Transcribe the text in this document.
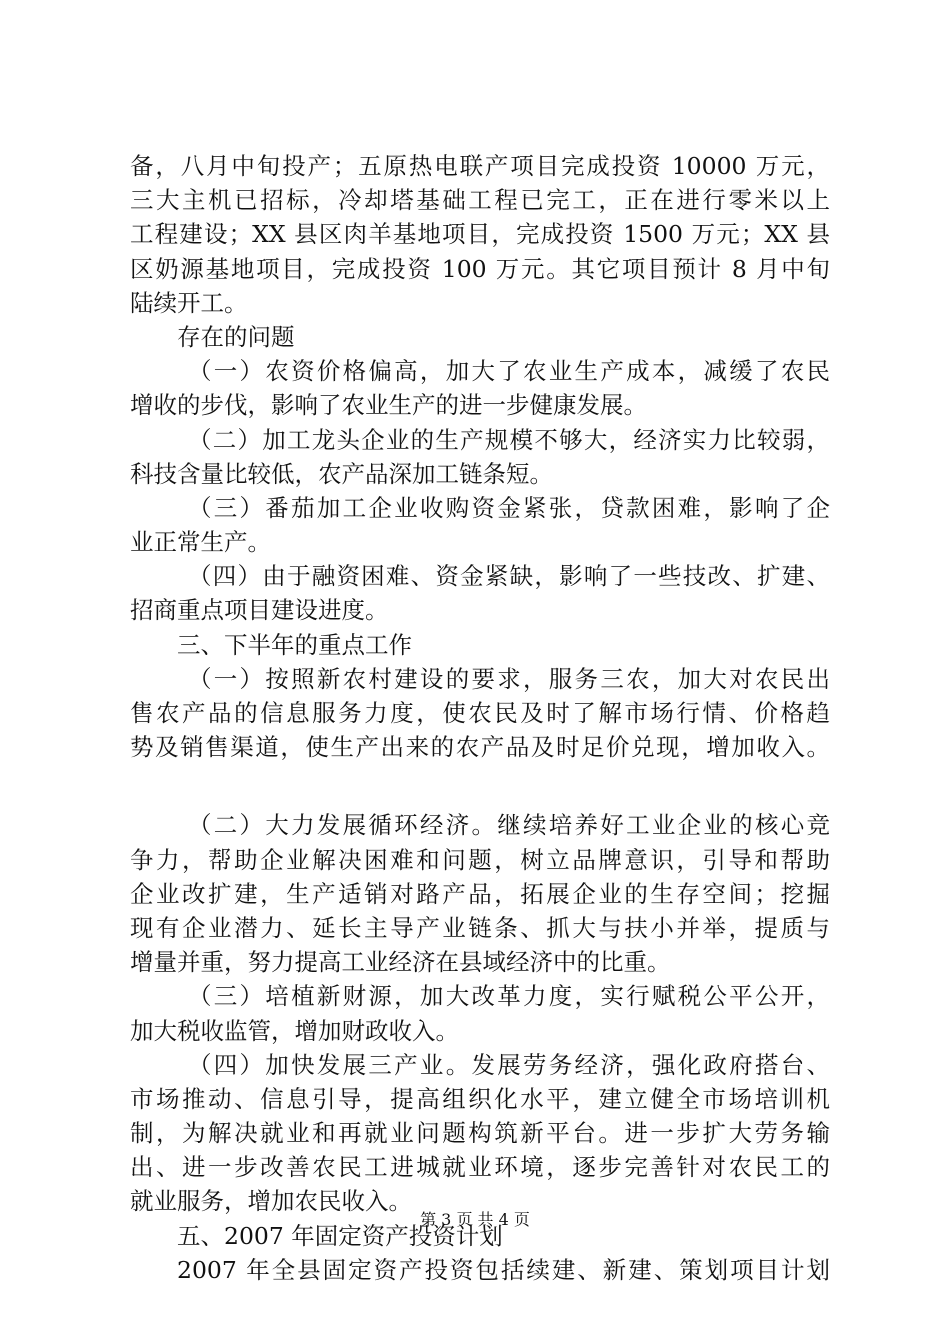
备，八月中旬投产；五原热电联产项目完成投资 10000 万元，
三大主机已招标，冷却塔基础工程已完工，正在进行零米以上
工程建设；XX 县区肉羊基地项目，完成投资 1500 万元；XX 县
区奶源基地项目，完成投资 100 万元。其它项目预计 8 月中旬
陆续开工。
存在的问题
（一）农资价格偏高，加大了农业生产成本，减缓了农民
增收的步伐，影响了农业生产的进一步健康发展。
（二）加工龙头企业的生产规模不够大，经济实力比较弱，
科技含量比较低，农产品深加工链条短。
（三）番茄加工企业收购资金紧张，贷款困难，影响了企
业正常生产。
（四）由于融资困难、资金紧缺，影响了一些技改、扩建、
招商重点项目建设进度。
三、下半年的重点工作
（一）按照新农村建设的要求，服务三农，加大对农民出
售农产品的信息服务力度，使农民及时了解市场行情、价格趋
势及销售渠道，使生产出来的农产品及时足价兑现，增加收入。
（二）大力发展循环经济。继续培养好工业企业的核心竞
争力，帮助企业解决困难和问题，树立品牌意识，引导和帮助
企业改扩建，生产适销对路产品，拓展企业的生存空间；挖掘
现有企业潜力、延长主导产业链条、抓大与扶小并举，提质与
增量并重，努力提高工业经济在县域经济中的比重。
（三）培植新财源，加大改革力度，实行赋税公平公开，
加大税收监管，增加财政收入。
（四）加快发展三产业。发展劳务经济，强化政府搭台、
市场推动、信息引导，提高组织化水平，建立健全市场培训机
制，为解决就业和再就业问题构筑新平台。进一步扩大劳务输
出、进一步改善农民工进城就业环境，逐步完善针对农民工的
就业服务，增加农民收入。
五、2007 年固定资产投资计划
2007 年全县固定资产投资包括续建、新建、策划项目计划
第 3 页 共 4 页
